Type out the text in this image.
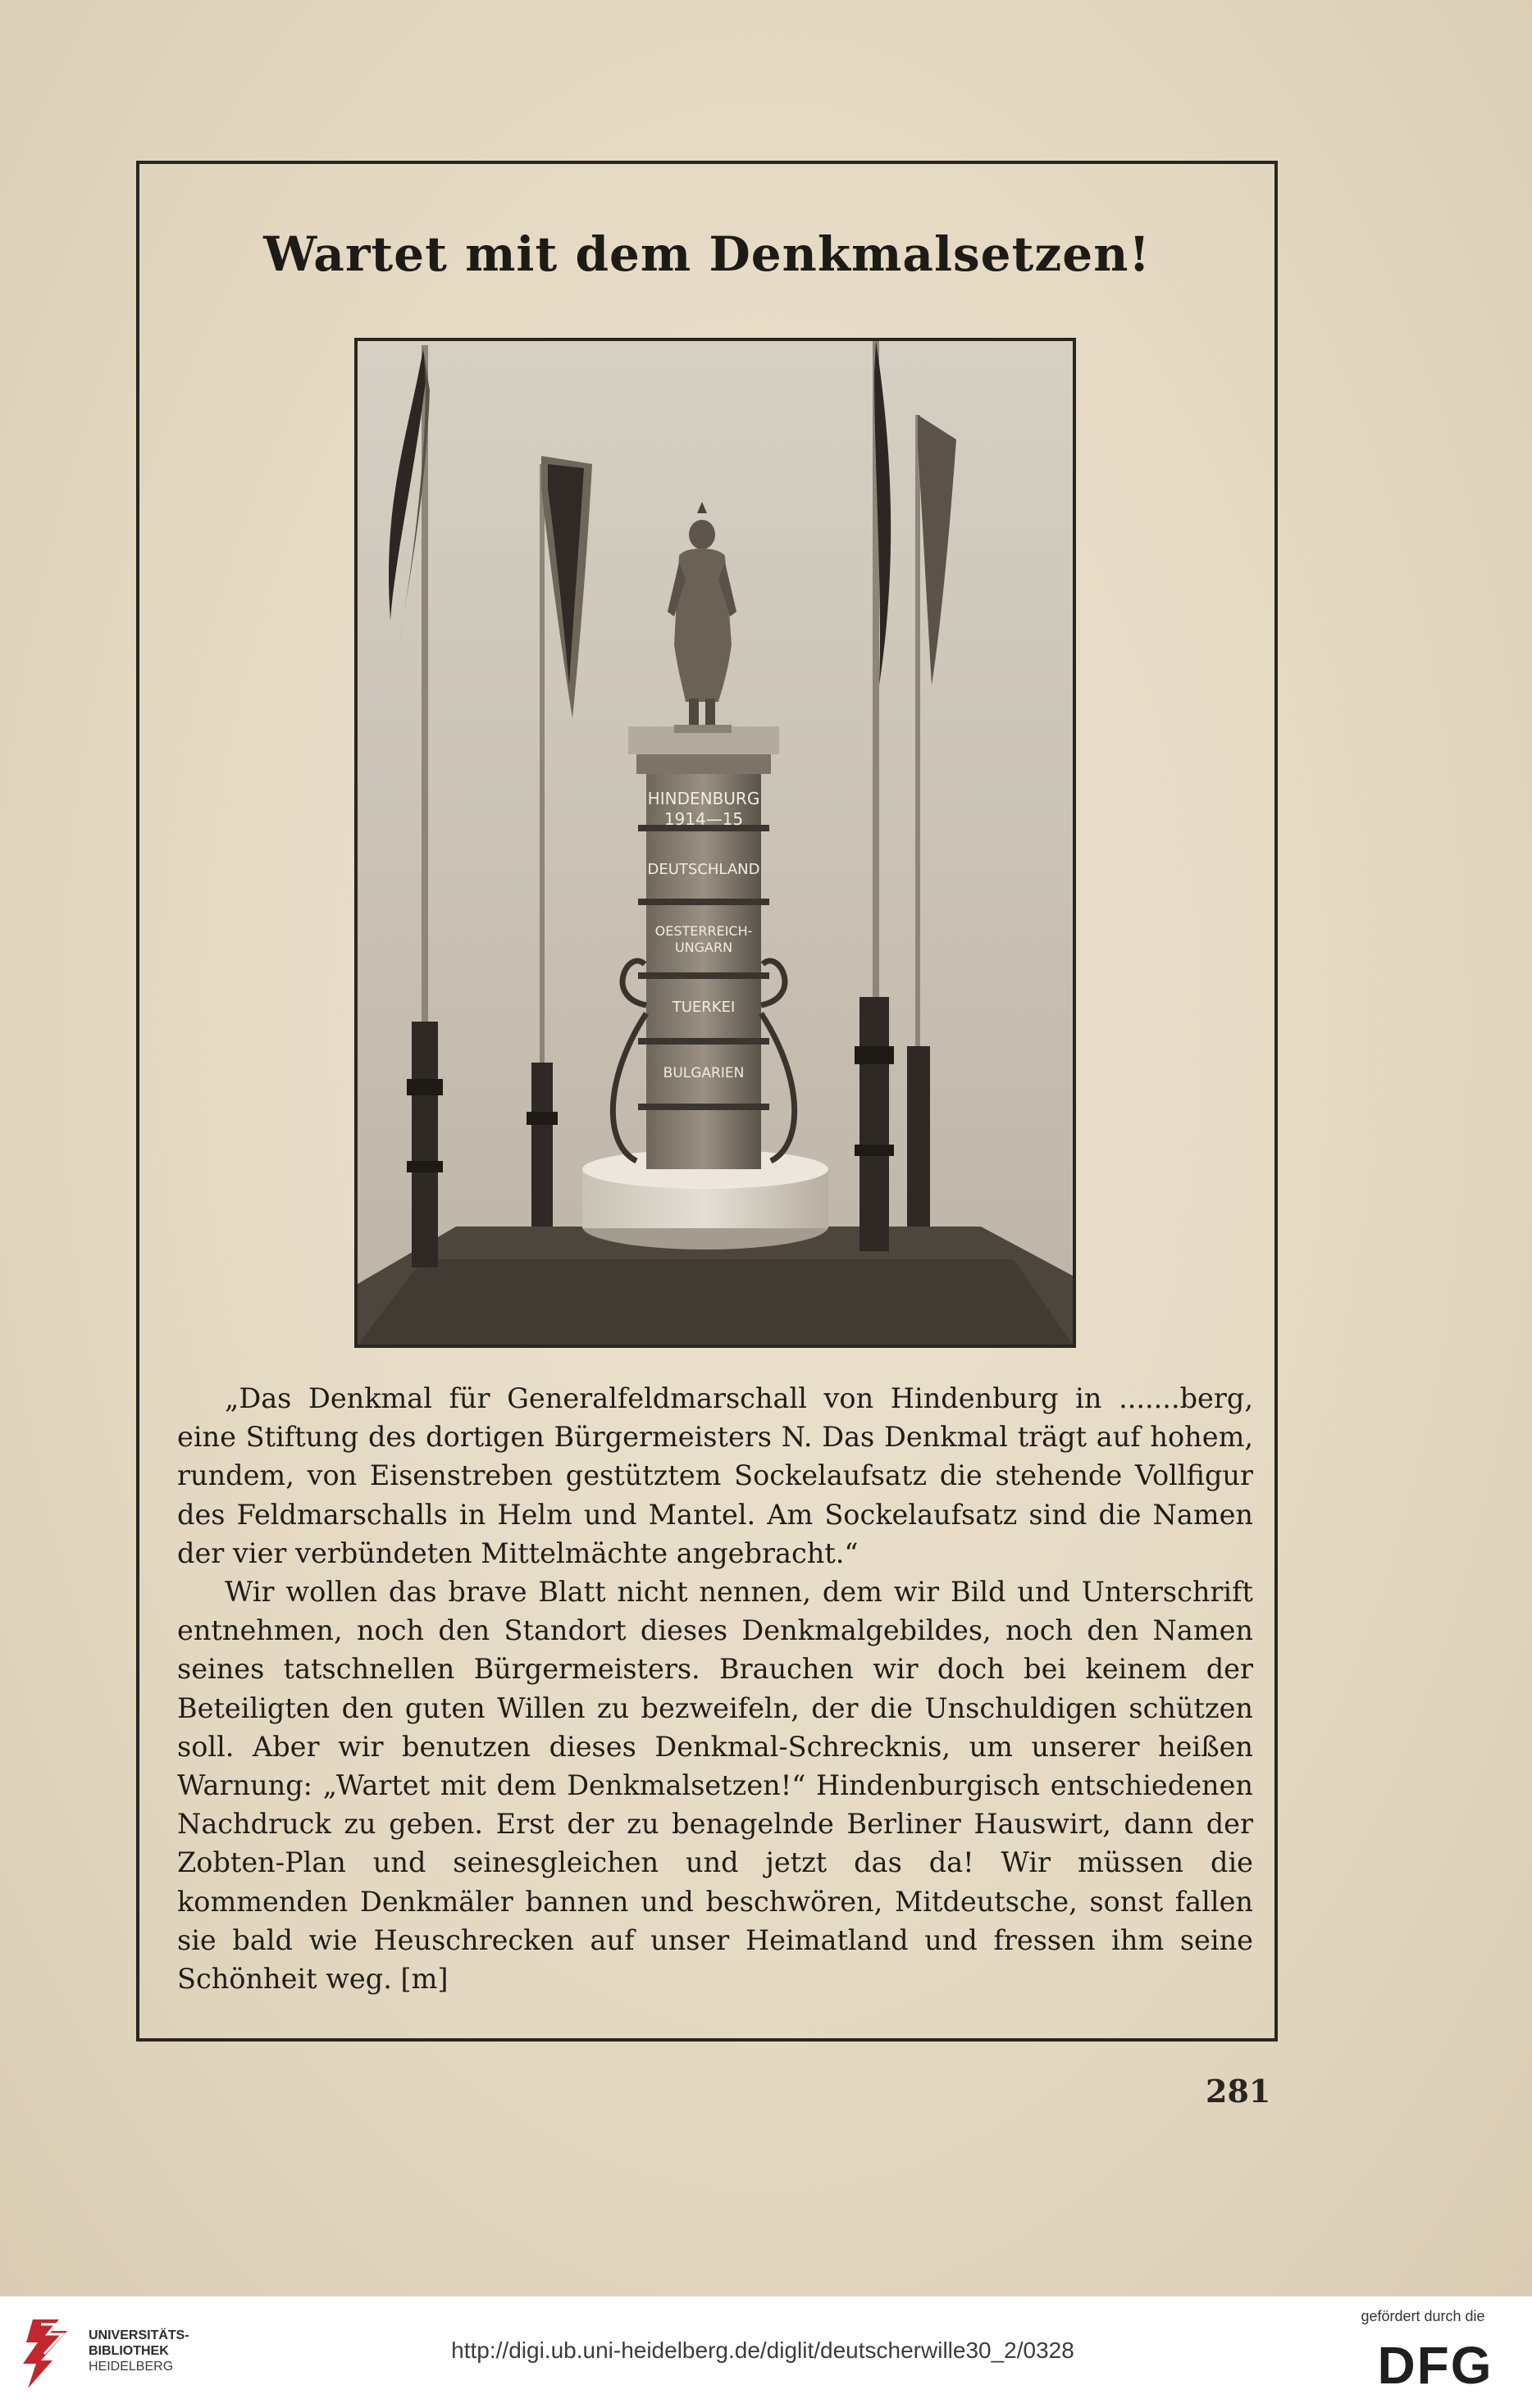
Wartet mit dem Denkmalsetzen!
HINDENBURG
1914—15
DEUTSCHLAND
OESTERREICH-
UNGARN
TUERKEI
BULGARIEN

„Das Denkmal für Generalfeldmarschall von Hindenburg in .......berg, eine Stiftung des dortigen Bürgermeisters N. Das Denkmal trägt auf hohem, rundem, von Eisenstreben gestütztem Sockelaufsatz die stehende Vollfigur des Feldmarschalls in Helm und Mantel. Am Sockelaufsatz sind die Namen der vier verbündeten Mittelmächte angebracht.“

Wir wollen das brave Blatt nicht nennen, dem wir Bild und Unterschrift entnehmen, noch den Standort dieses Denkmalgebildes, noch den Namen seines tatschnellen Bürgermeisters. Brauchen wir doch bei keinem der Beteiligten den guten Willen zu bezweifeln, der die Unschuldigen schützen soll. Aber wir benutzen dieses Denkmal-Schrecknis, um unserer heißen Warnung: „Wartet mit dem Denkmalsetzen!“ Hindenburgisch entschiedenen Nachdruck zu geben. Erst der zu benagelnde Berliner Hauswirt, dann der Zobten-Plan und seinesgleichen und jetzt das da! Wir müssen die kommenden Denkmäler bannen und beschwören, Mitdeutsche, sonst fallen sie bald wie Heuschrecken auf unser Heimatland und fressen ihm seine Schönheit weg. [m]

281
UNIVERSITÄTS-
BIBLIOTHEK
HEIDELBERG
http://digi.ub.uni-heidelberg.de/diglit/deutscherwille30_2/0328
gefördert durch die
DFG
